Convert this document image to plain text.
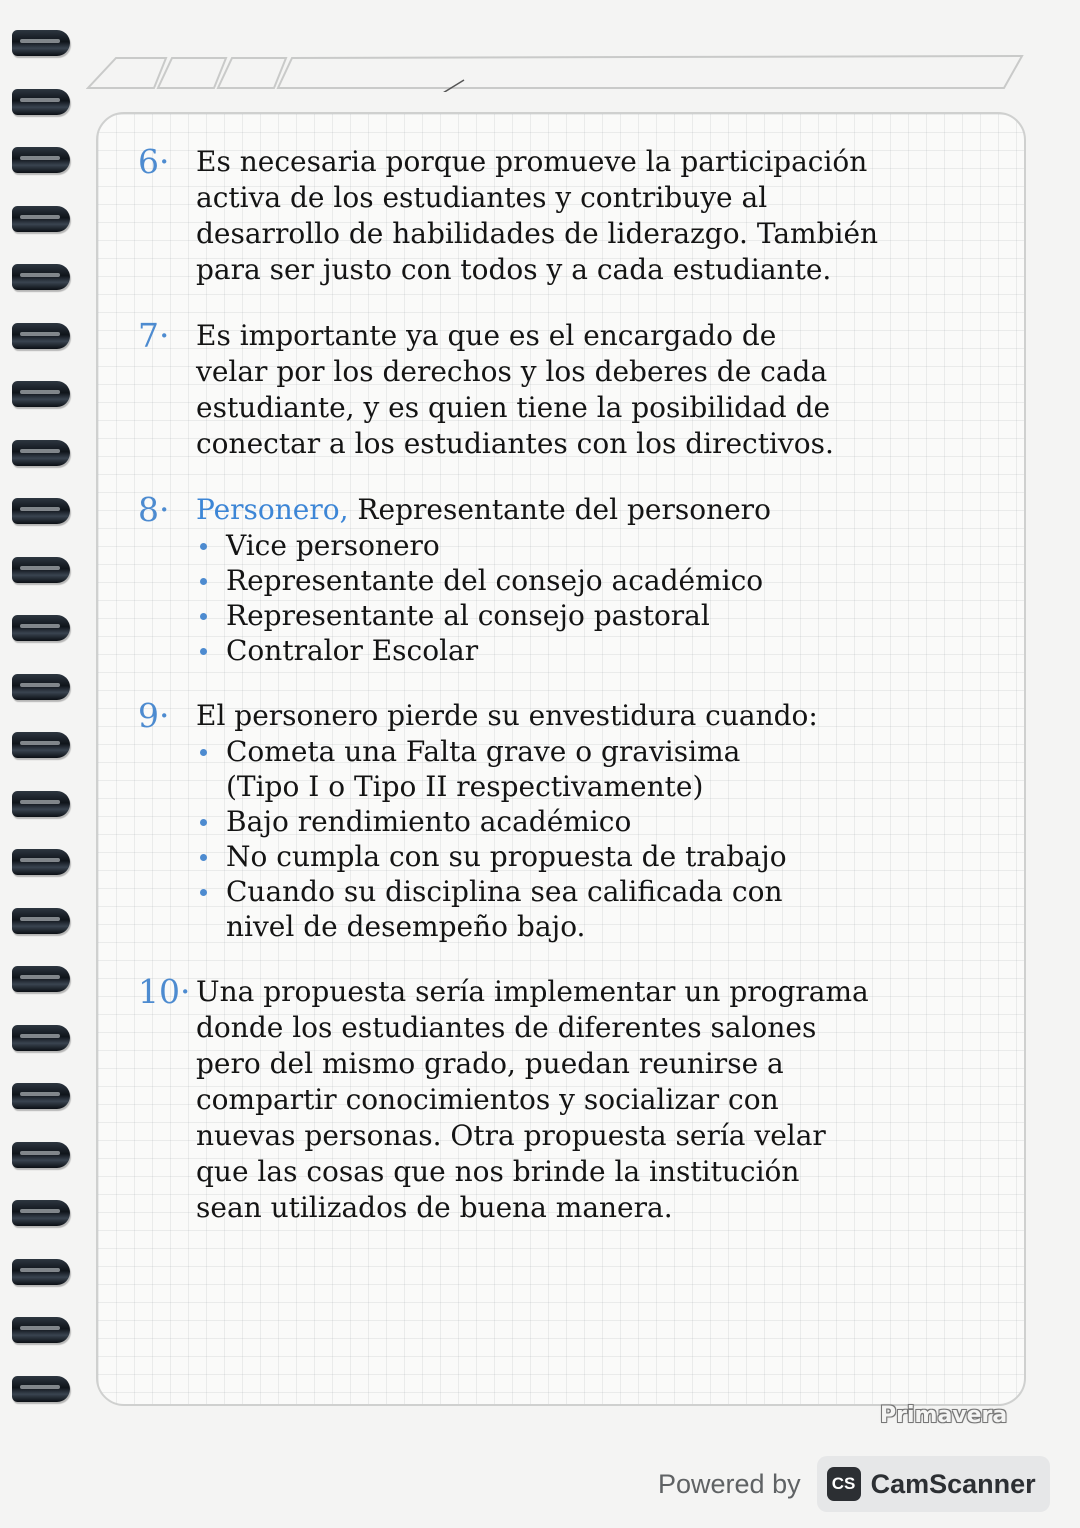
6· Es necesaria porque promueve la participación
activa de los estudiantes y contribuye al
desarrollo de habilidades de liderazgo. También
para ser justo con todos y a cada estudiante.
7· Es importante ya que es el encargado de
velar por los derechos y los deberes de cada
estudiante, y es quien tiene la posibilidad de
conectar a los estudiantes con los directivos.
8· Personero, Representante del personero
Vice personero
Representante del consejo académico
Representante al consejo pastoral
Contralor Escolar
9· El personero pierde su envestidura cuando:
Cometa una Falta grave o gravisima
(Tipo I o Tipo II respectivamente)
Bajo rendimiento académico
No cumpla con su propuesta de trabajo
Cuando su disciplina sea calificada con
nivel de desempeño bajo.
10· Una propuesta sería implementar un programa
donde los estudiantes de diferentes salones
pero del mismo grado, puedan reunirse a
compartir conocimientos y socializar con
nuevas personas. Otra propuesta sería velar
que las cosas que nos brinde la institución
sean utilizados de buena manera.
Primavera
Powered by	CS CamScanner
